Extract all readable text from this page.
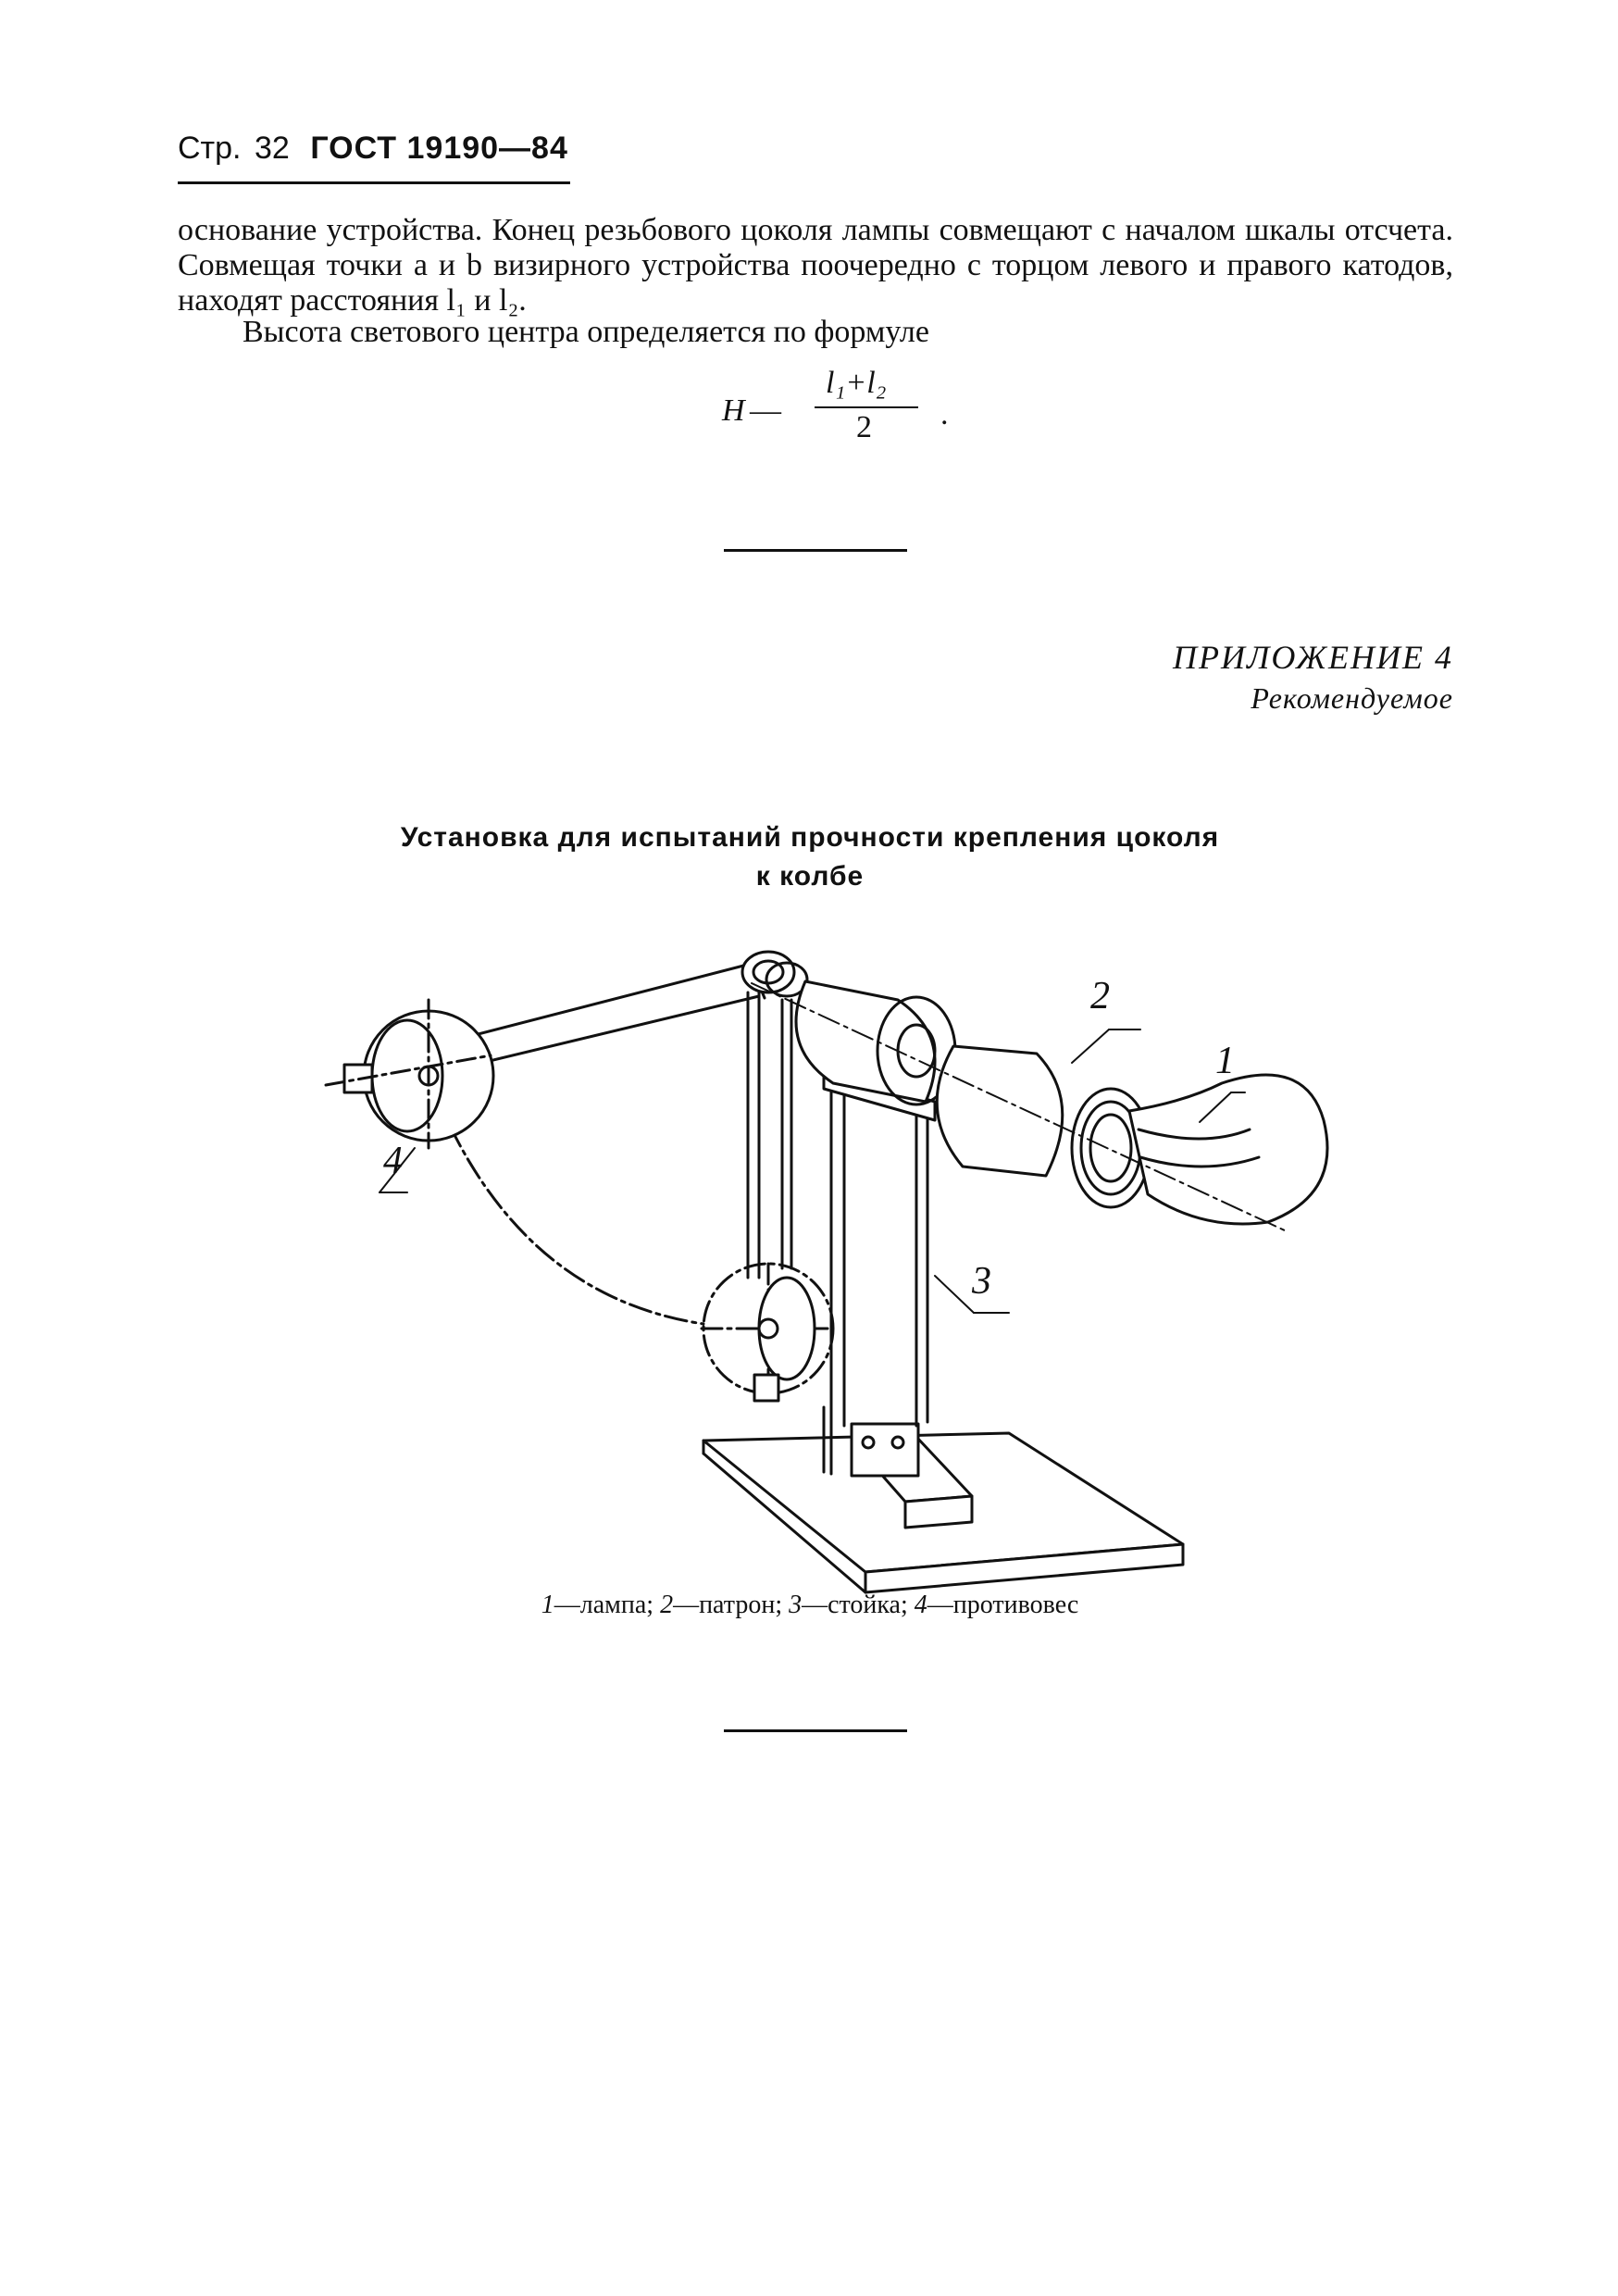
Стр. 32 ГОСТ 19190—84
основание устройства. Конец резьбового цоколя лампы совмещают с началом шкалы отсчета. Совмещая точки a и b визирного устройства поочередно с торцом левого и правого катодов, находят расстояния l₁ и l₂.
Высота светового центра определяется по формуле
H —
l₁+l₂
2 .
ПРИЛОЖЕНИЕ 4
Рекомендуемое
Установка для испытаний прочности крепления цоколя
к колбе
2
1
3
4
1—лампа; 2—патрон; 3—стойка; 4—противовес
